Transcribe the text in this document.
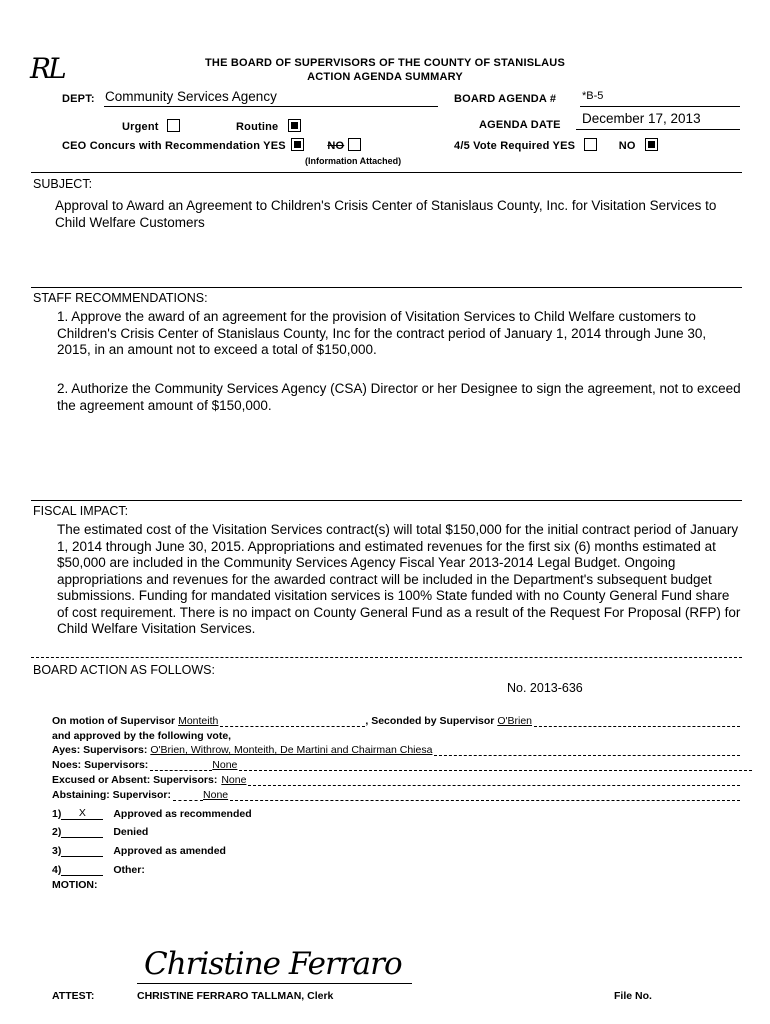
RL	THE BOARD OF SUPERVISORS OF THE COUNTY OF STANISLAUS
ACTION AGENDA SUMMARY
DEPT: Community Services Agency	BOARD AGENDA # *B-5
Urgent	Routine	AGENDA DATE December 17, 2013
CEO Concurs with Recommendation YES	NO
(Information Attached)
4/5 Vote Required YES	NO
SUBJECT:
Approval to Award an Agreement to Children's Crisis Center of Stanislaus County, Inc. for Visitation Services to Child Welfare Customers
STAFF RECOMMENDATIONS:
1. Approve the award of an agreement for the provision of Visitation Services to Child Welfare customers to Children's Crisis Center of Stanislaus County, Inc for the contract period of January 1, 2014 through June 30, 2015, in an amount not to exceed a total of $150,000.
2. Authorize the Community Services Agency (CSA) Director or her Designee to sign the agreement, not to exceed the agreement amount of $150,000.
FISCAL IMPACT:
The estimated cost of the Visitation Services contract(s) will total $150,000 for the initial contract period of January 1, 2014 through June 30, 2015. Appropriations and estimated revenues for the first six (6) months estimated at $50,000 are included in the Community Services Agency Fiscal Year 2013-2014 Legal Budget. Ongoing appropriations and revenues for the awarded contract will be included in the Department's subsequent budget submissions. Funding for mandated visitation services is 100% State funded with no County General Fund share of cost requirement. There is no impact on County General Fund as a result of the Request For Proposal (RFP) for Child Welfare Visitation Services.
BOARD ACTION AS FOLLOWS:
No. 2013-636
On motion of Supervisor Monteith	, Seconded by Supervisor O'Brien
and approved by the following vote,
Ayes: Supervisors: O'Brien, Withrow, Monteith, De Martini and Chairman Chiesa
Noes: Supervisors:	None
Excused or Absent: Supervisors: None
Abstaining: Supervisor:	None
1)	X	Approved as recommended
2)	Denied
3)	Approved as amended
4)	Other:
MOTION:
Christine Ferraro
ATTEST:	CHRISTINE FERRARO TALLMAN, Clerk	File No.
